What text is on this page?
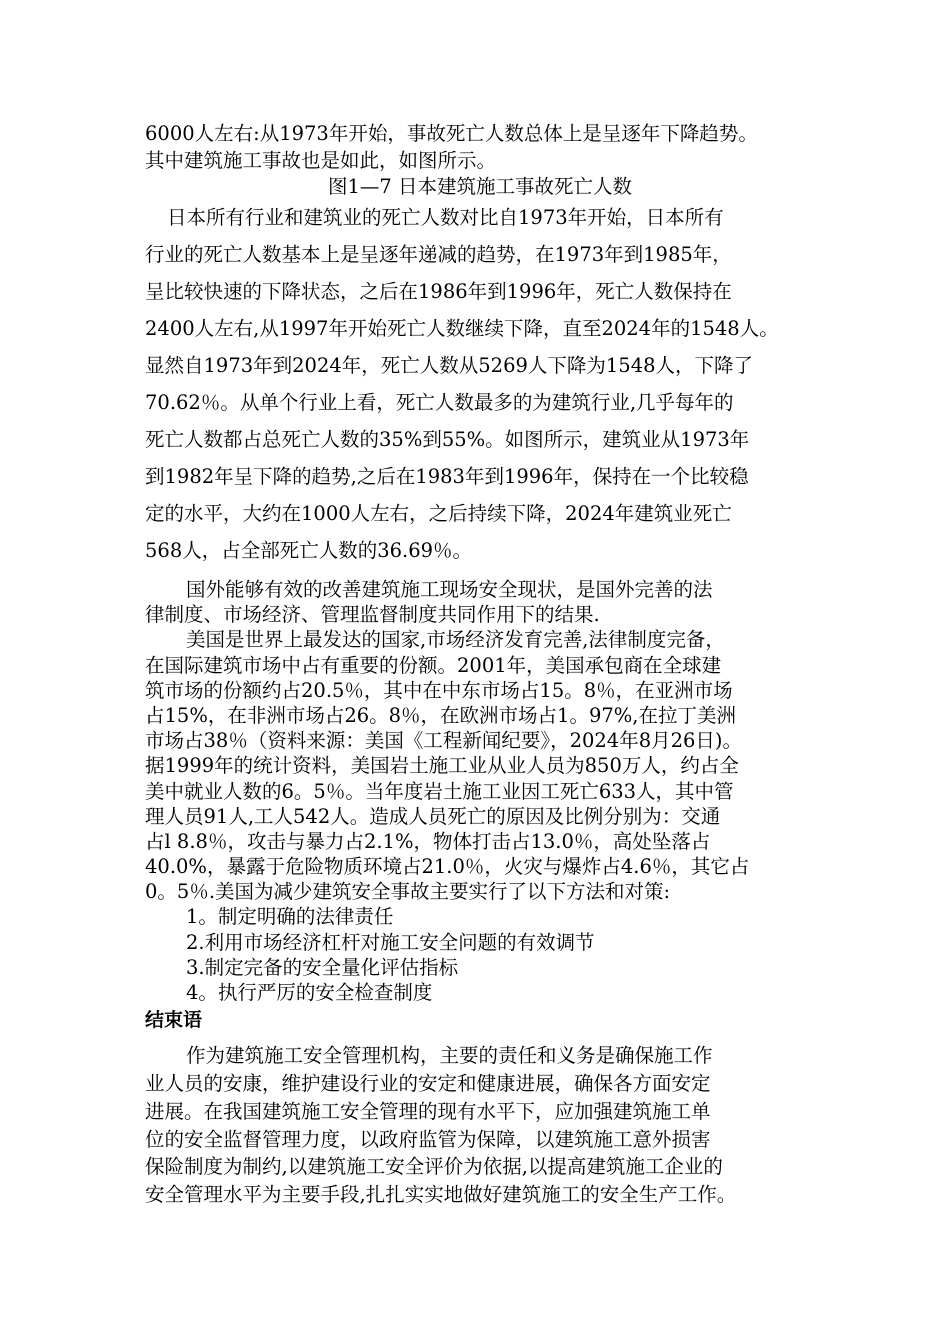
6000人左右:从1973年开始，事故死亡人数总体上是呈逐年下降趋势。
其中建筑施工事故也是如此，如图所示。
图1—7 日本建筑施工事故死亡人数
日本所有行业和建筑业的死亡人数对比自1973年开始，日本所有
行业的死亡人数基本上是呈逐年递减的趋势，在1973年到1985年，
呈比较快速的下降状态，之后在1986年到1996年，死亡人数保持在
2400人左右,从1997年开始死亡人数继续下降，直至2024年的1548人。
显然自1973年到2024年，死亡人数从5269人下降为1548人，下降了
70.62％。从单个行业上看，死亡人数最多的为建筑行业,几乎每年的
死亡人数都占总死亡人数的35%到55%。如图所示，建筑业从1973年
到1982年呈下降的趋势,之后在1983年到1996年，保持在一个比较稳
定的水平，大约在1000人左右，之后持续下降，2024年建筑业死亡
568人，占全部死亡人数的36.69％。
国外能够有效的改善建筑施工现场安全现状，是国外完善的法
律制度、市场经济、管理监督制度共同作用下的结果.
美国是世界上最发达的国家,市场经济发育完善,法律制度完备，
在国际建筑市场中占有重要的份额。2001年，美国承包商在全球建
筑市场的份额约占20.5％，其中在中东市场占15。8％，在亚洲市场
占15%，在非洲市场占26。8％，在欧洲市场占1。97%,在拉丁美洲
市场占38％（资料来源：美国《工程新闻纪要》，2024年8月26日)。
据1999年的统计资料，美国岩土施工业从业人员为850万人，约占全
美中就业人数的6。5％。当年度岩土施工业因工死亡633人，其中管
理人员91人,工人542人。造成人员死亡的原因及比例分别为：交通
占l 8.8％，攻击与暴力占2.1%，物体打击占13.0％，高处坠落占
40.0%，暴露于危险物质环境占21.0％，火灾与爆炸占4.6％，其它占
0。5％.美国为减少建筑安全事故主要实行了以下方法和对策:
1。制定明确的法律责任
2.利用市场经济杠杆对施工安全问题的有效调节
3.制定完备的安全量化评估指标
4。执行严厉的安全检查制度
结束语
作为建筑施工安全管理机构，主要的责任和义务是确保施工作
业人员的安康，维护建设行业的安定和健康进展，确保各方面安定
进展。在我国建筑施工安全管理的现有水平下，应加强建筑施工单
位的安全监督管理力度，以政府监管为保障，以建筑施工意外损害
保险制度为制约,以建筑施工安全评价为依据,以提高建筑施工企业的
安全管理水平为主要手段,扎扎实实地做好建筑施工的安全生产工作。
